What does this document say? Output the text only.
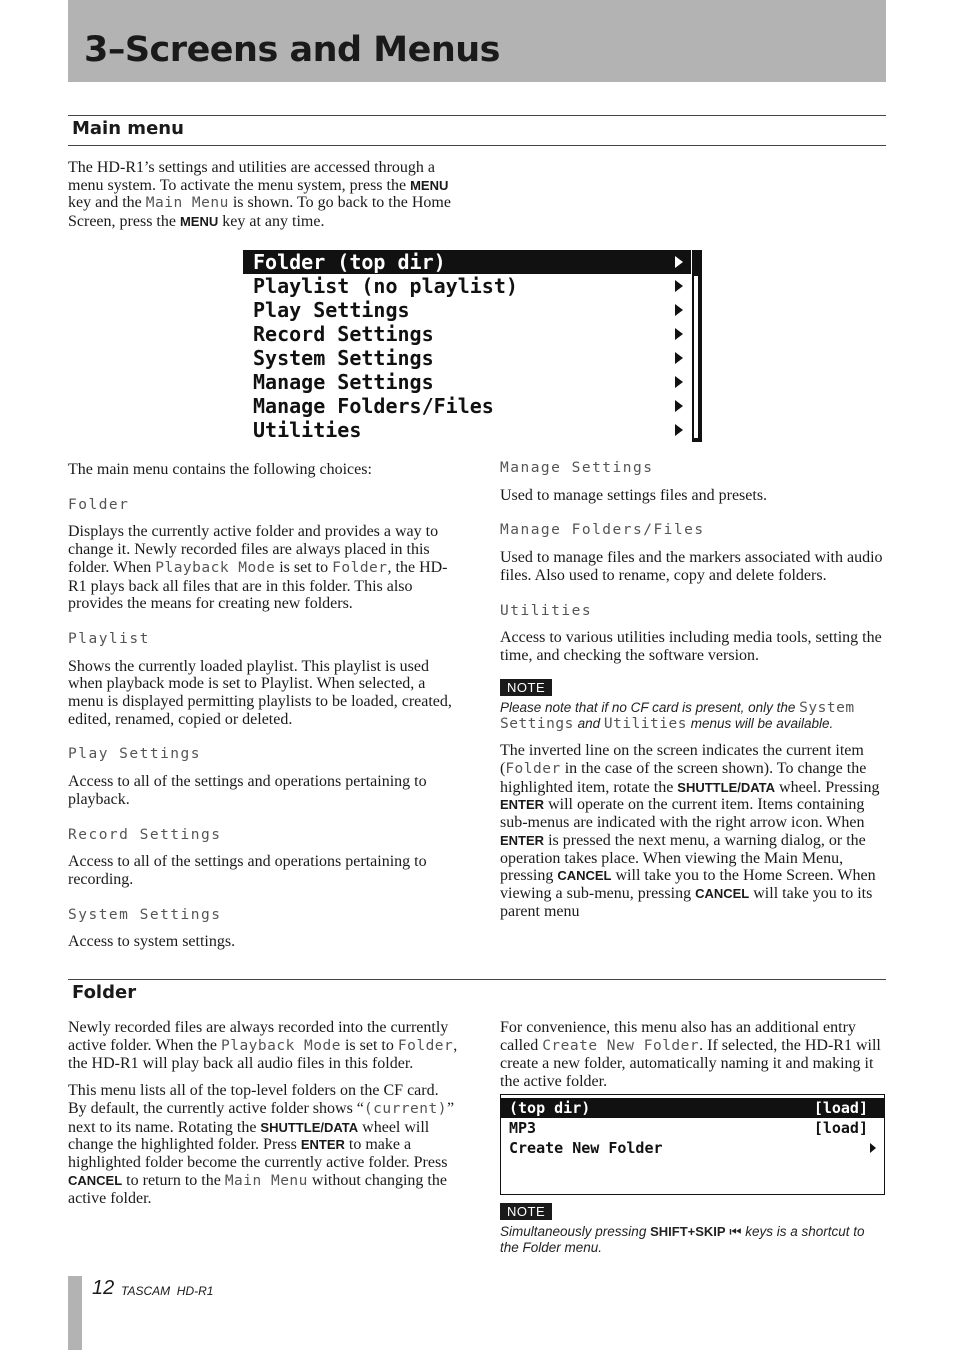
3–Screens and Menus
Main menu
The HD-R1’s settings and utilities are accessed through a menu system. To activate the menu system, press the MENU key and the Main Menu is shown. To go back to the Home Screen, press the MENU key at any time.
Folder (top dir)
Playlist (no playlist)
Play Settings
Record Settings
System Settings
Manage Settings
Manage Folders/Files
Utilities

The main menu contains the following choices:

Folder

Displays the currently active folder and provides a way to change it. Newly recorded files are always placed in this folder. When Playback Mode is set to Folder, the HD-R1 plays back all files that are in this folder. This also provides the means for creating new folders.

Playlist

Shows the currently loaded playlist. This playlist is used when playback mode is set to Playlist. When selected, a menu is displayed permitting playlists to be loaded, created, edited, renamed, copied or deleted.

Play Settings

Access to all of the settings and operations pertaining to playback.

Record Settings

Access to all of the settings and operations pertaining to recording.

System Settings

Access to system settings.

Manage Settings

Used to manage settings files and presets.

Manage Folders/Files

Used to manage files and the markers associated with audio files. Also used to rename, copy and delete folders.

Utilities

Access to various utilities including media tools, setting the time, and checking the software version.

NOTE
Please note that if no CF card is present, only the System Settings and Utilities menus will be available.

The inverted line on the screen indicates the current item (Folder in the case of the screen shown). To change the highlighted item, rotate the SHUTTLE/DATA wheel. Pressing ENTER will operate on the current item. Items containing sub-menus are indicated with the right arrow icon. When ENTER is pressed the next menu, a warning dialog, or the operation takes place. When viewing the Main Menu, pressing CANCEL will take you to the Home Screen. When viewing a sub-menu, pressing CANCEL will take you to its parent menu

Folder

Newly recorded files are always recorded into the currently active folder. When the Playback Mode is set to Folder, the HD-R1 will play back all audio files in this folder.

This menu lists all of the top-level folders on the CF card. By default, the currently active folder shows “(current)” next to its name. Rotating the SHUTTLE/DATA wheel will change the highlighted folder. Press ENTER to make a highlighted folder become the currently active folder. Press CANCEL to return to the Main Menu without changing the active folder.

For convenience, this menu also has an additional entry called Create New Folder. If selected, the HD-R1 will create a new folder, automatically naming it and making it the active folder.

(top dir)	[load]
MP3	[load]
Create New Folder
NOTE
Simultaneously pressing SHIFT+SKIP ⏮ keys is a shortcut to the Folder menu.
12 TASCAM  HD-R1
